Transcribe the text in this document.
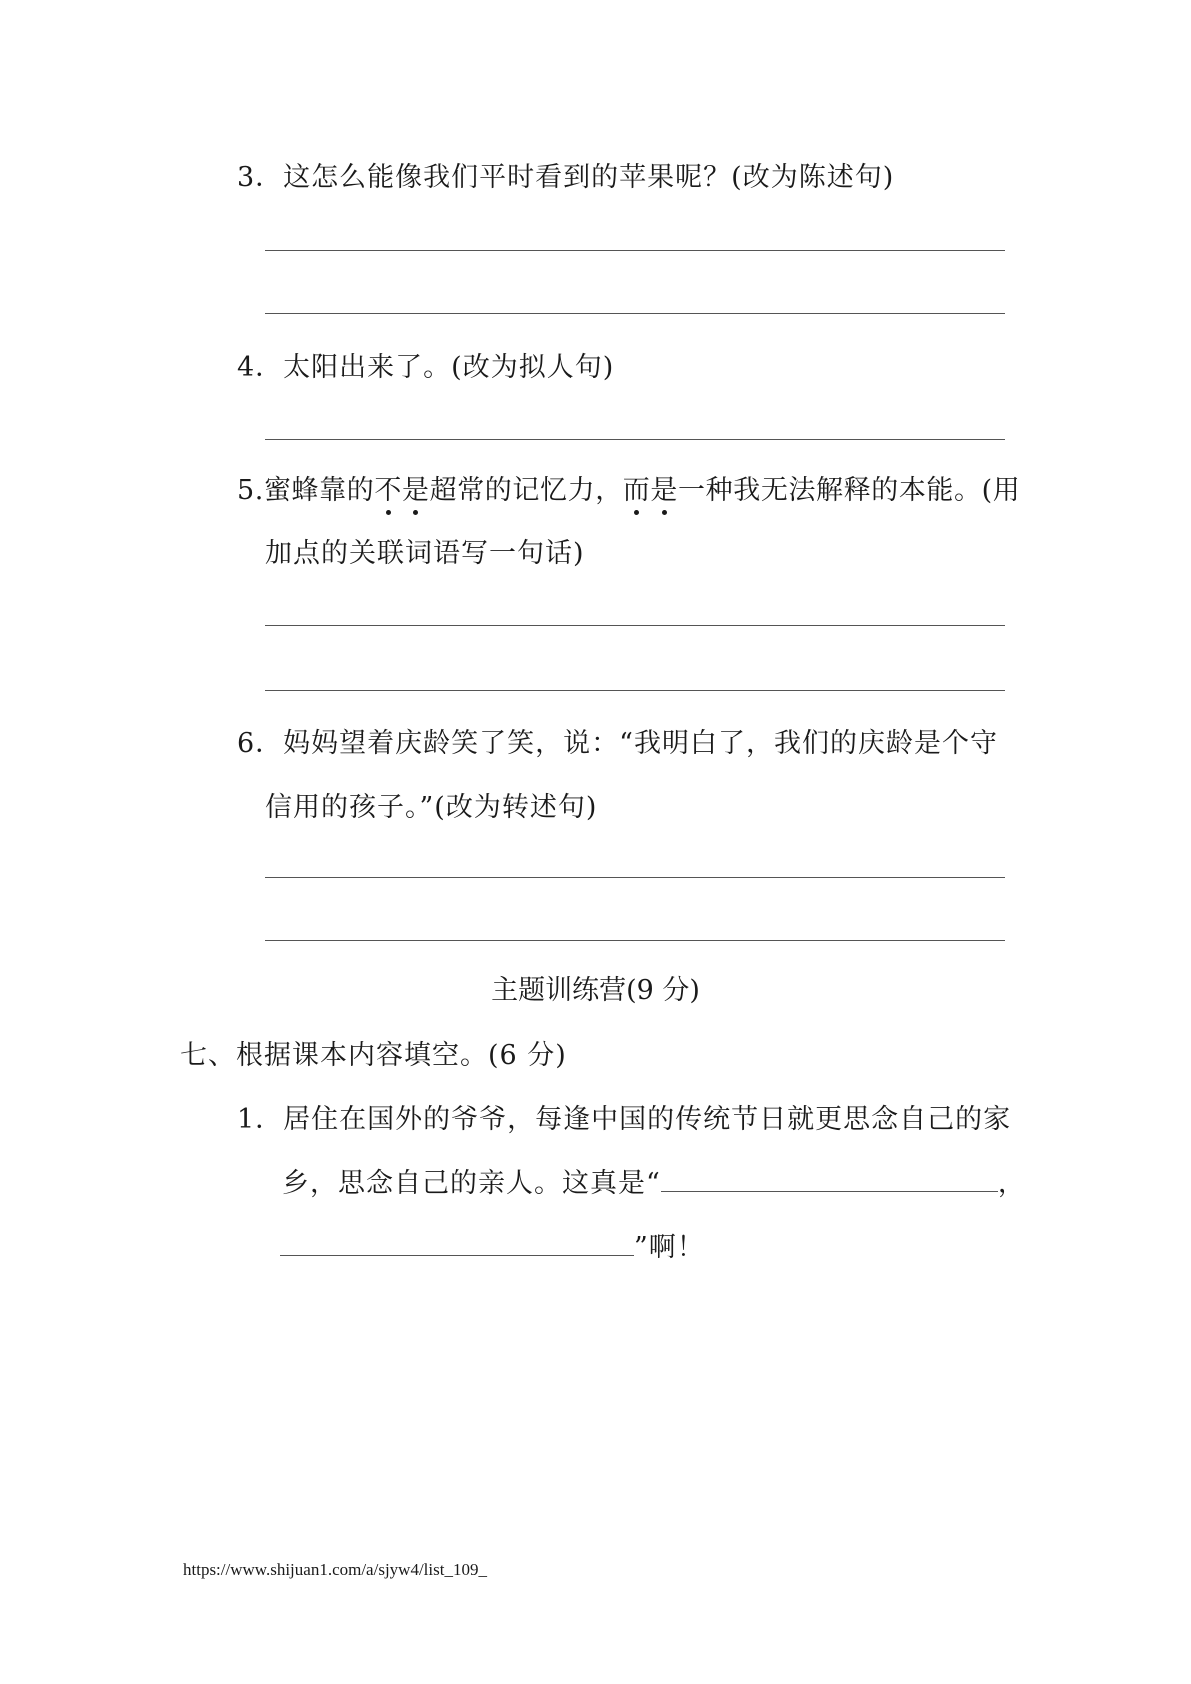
3．这怎么能像我们平时看到的苹果呢？(改为陈述句)
4．太阳出来了。(改为拟人句)
5.蜜蜂靠的不是超常的记忆力，而是一种我无法解释的本能。(用
加点的关联词语写一句话)
6．妈妈望着庆龄笑了笑，说：“我明白了，我们的庆龄是个守
信用的孩子。”(改为转述句)
主题训练营(9 分)
七、根据课本内容填空。(6 分)
1．居住在国外的爷爷，每逢中国的传统节日就更思念自己的家
乡，思念自己的亲人。这真是“	，
”啊！
https://www.shijuan1.com/a/sjyw4/list_109_
